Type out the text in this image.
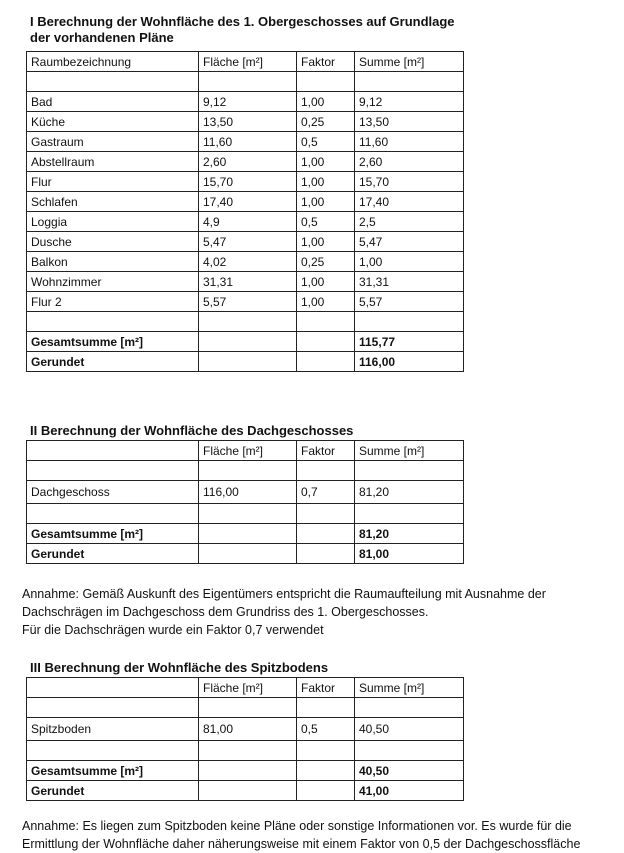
I Berechnung der Wohnfläche des 1. Obergeschosses auf Grundlage
der vorhandenen Pläne
Raumbezeichnung	Fläche [m²]	Faktor	Summe [m²]

Bad	9,12	1,00	9,12
Küche	13,50	0,25	13,50
Gastraum	11,60	0,5	11,60
Abstellraum	2,60	1,00	2,60
Flur	15,70	1,00	15,70
Schlafen	17,40	1,00	17,40
Loggia	4,9	0,5	2,5
Dusche	5,47	1,00	5,47
Balkon	4,02	0,25	1,00
Wohnzimmer	31,31	1,00	31,31
Flur 2	5,57	1,00	5,57

Gesamtsumme [m²]			115,77
Gerundet			116,00
II Berechnung der Wohnfläche des Dachgeschosses
	Fläche [m²]	Faktor	Summe [m²]

Dachgeschoss	116,00	0,7	81,20

Gesamtsumme [m²]			81,20
Gerundet			81,00
Annahme: Gemäß Auskunft des Eigentümers entspricht die Raumaufteilung mit Ausnahme der
Dachschrägen im Dachgeschoss dem Grundriss des 1. Obergeschosses.
Für die Dachschrägen wurde ein Faktor 0,7 verwendet
III Berechnung der Wohnfläche des Spitzbodens
	Fläche [m²]	Faktor	Summe [m²]

Spitzboden	81,00	0,5	40,50

Gesamtsumme [m²]			40,50
Gerundet			41,00
Annahme: Es liegen zum Spitzboden keine Pläne oder sonstige Informationen vor. Es wurde für die
Ermittlung der Wohnfläche daher näherungsweise mit einem Faktor von 0,5 der Dachgeschossfläche
